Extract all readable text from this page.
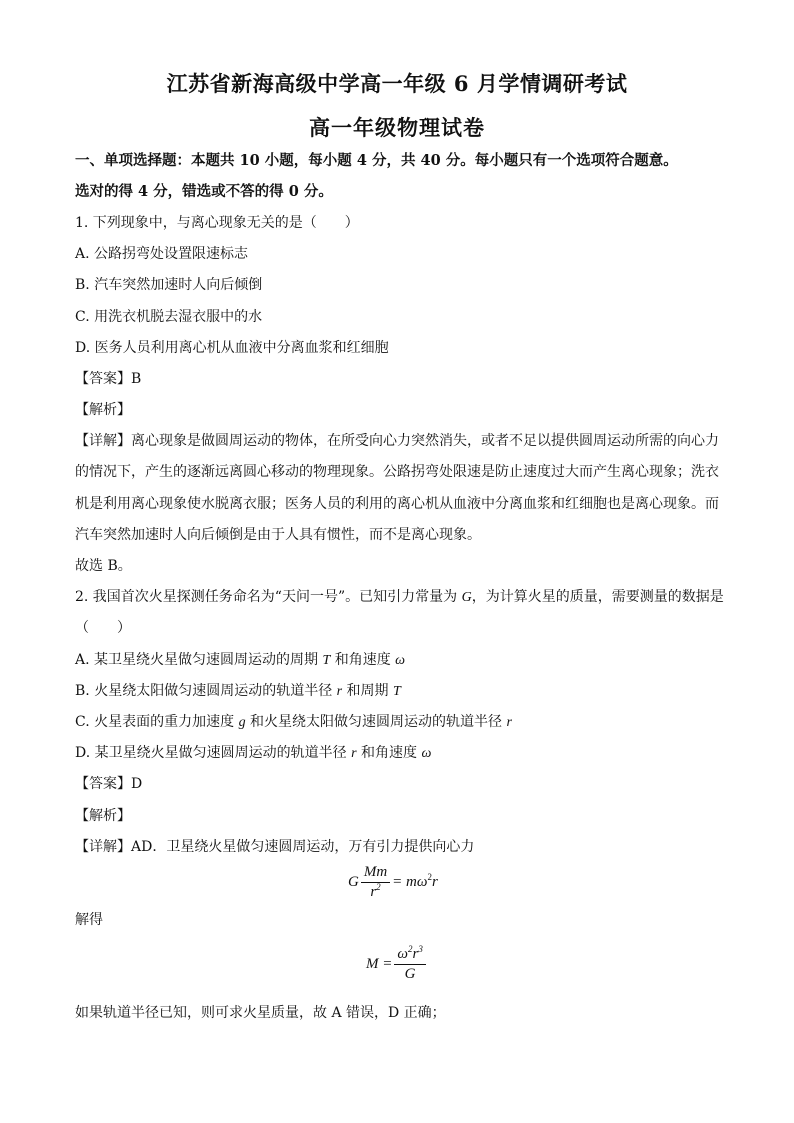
江苏省新海高级中学高一年级 6 月学情调研考试
高一年级物理试卷
一、单项选择题：本题共 10 小题，每小题 4 分，共 40 分。每小题只有一个选项符合题意。
选对的得 4 分，错选或不答的得 0 分。
1. 下列现象中，与离心现象无关的是（　　）
A. 公路拐弯处设置限速标志
B. 汽车突然加速时人向后倾倒
C. 用洗衣机脱去湿衣服中的水
D. 医务人员利用离心机从血液中分离血浆和红细胞
【答案】B
【解析】
【详解】离心现象是做圆周运动的物体，在所受向心力突然消失，或者不足以提供圆周运动所需的向心力
的情况下，产生的逐渐远离圆心移动的物理现象。公路拐弯处限速是防止速度过大而产生离心现象；洗衣
机是利用离心现象使水脱离衣服；医务人员的利用的离心机从血液中分离血浆和红细胞也是离心现象。而
汽车突然加速时人向后倾倒是由于人具有惯性，而不是离心现象。
故选 B。
2. 我国首次火星探测任务命名为“天问一号”。已知引力常量为 G，为计算火星的质量，需要测量的数据是
（　　）
A. 某卫星绕火星做匀速圆周运动的周期 T 和角速度 ω
B. 火星绕太阳做匀速圆周运动的轨道半径 r 和周期 T
C. 火星表面的重力加速度 g 和火星绕太阳做匀速圆周运动的轨道半径 r
D. 某卫星绕火星做匀速圆周运动的轨道半径 r 和角速度 ω
【答案】D
【解析】
【详解】AD．卫星绕火星做匀速圆周运动，万有引力提供向心力
G $\frac{Mm}{r^2} = m\omega^2r$
解得
$M = \frac{\omega^2r^3}{G}$
如果轨道半径已知，则可求火星质量，故 A 错误，D 正确；
